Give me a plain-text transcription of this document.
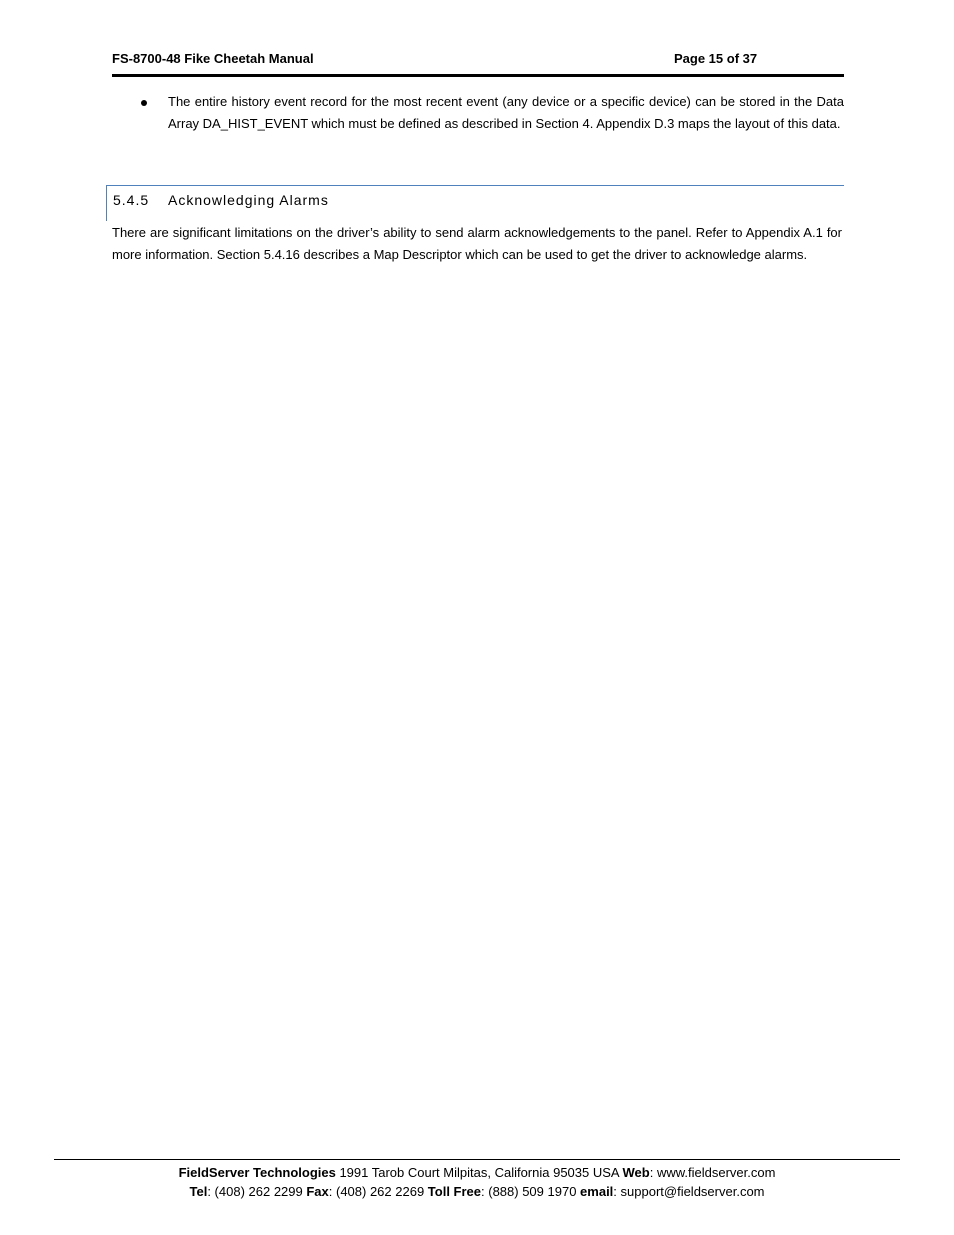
FS-8700-48 Fike Cheetah Manual	Page 15 of 37
The entire history event record for the most recent event (any device or a specific device) can be stored in the Data Array DA_HIST_EVENT which must be defined as described in Section 4. Appendix D.3 maps the layout of this data.
5.4.5 Acknowledging Alarms
There are significant limitations on the driver’s ability to send alarm acknowledgements to the panel. Refer to Appendix A.1 for more information. Section 5.4.16 describes a Map Descriptor which can be used to get the driver to acknowledge alarms.
FieldServer Technologies 1991 Tarob Court Milpitas, California 95035 USA Web: www.fieldserver.com
Tel: (408) 262 2299 Fax: (408) 262 2269 Toll Free: (888) 509 1970 email: support@fieldserver.com
